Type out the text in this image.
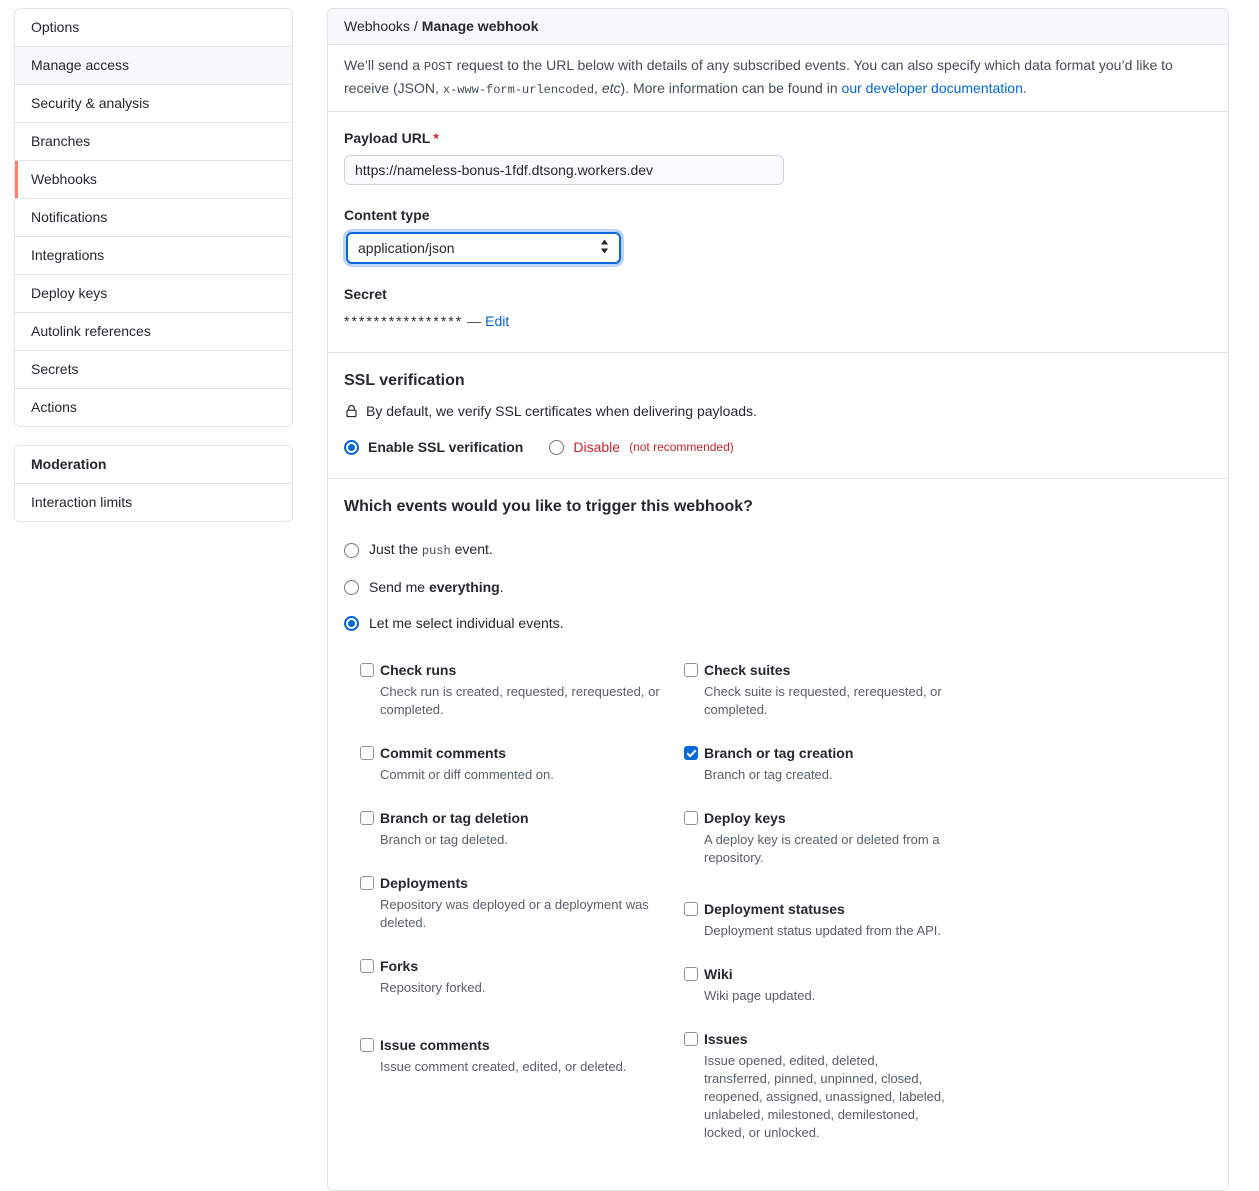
Options
Manage access
Security & analysis
Branches
Webhooks
Notifications
Integrations
Deploy keys
Autolink references
Secrets
Actions
Moderation
Interaction limits
Webhooks / Manage webhook

We’ll send a POST request to the URL below with details of any subscribed events. You can also specify which data format you’d like to receive (JSON, x-www-form-urlencoded, etc). More information can be found in our developer documentation.

Payload URL *
https://nameless-bonus-1fdf.dtsong.workers.dev
Content type
application/json
Secret
**************** — Edit
SSL verification
By default, we verify SSL certificates when delivering payloads.
Enable SSL verification	Disable (not recommended)
Which events would you like to trigger this webhook?
Just the push event.
Send me everything.
Let me select individual events.
Check runs
Check run is created, requested, rerequested, or completed.
Commit comments
Commit or diff commented on.
Branch or tag deletion
Branch or tag deleted.
Deployments
Repository was deployed or a deployment was deleted.
Forks
Repository forked.
Issue comments
Issue comment created, edited, or deleted.
Check suites
Check suite is requested, rerequested, or completed.
Branch or tag creation
Branch or tag created.
Deploy keys
A deploy key is created or deleted from a repository.
Deployment statuses
Deployment status updated from the API.
Wiki
Wiki page updated.
Issues
Issue opened, edited, deleted, transferred, pinned, unpinned, closed, reopened, assigned, unassigned, labeled, unlabeled, milestoned, demilestoned, locked, or unlocked.
